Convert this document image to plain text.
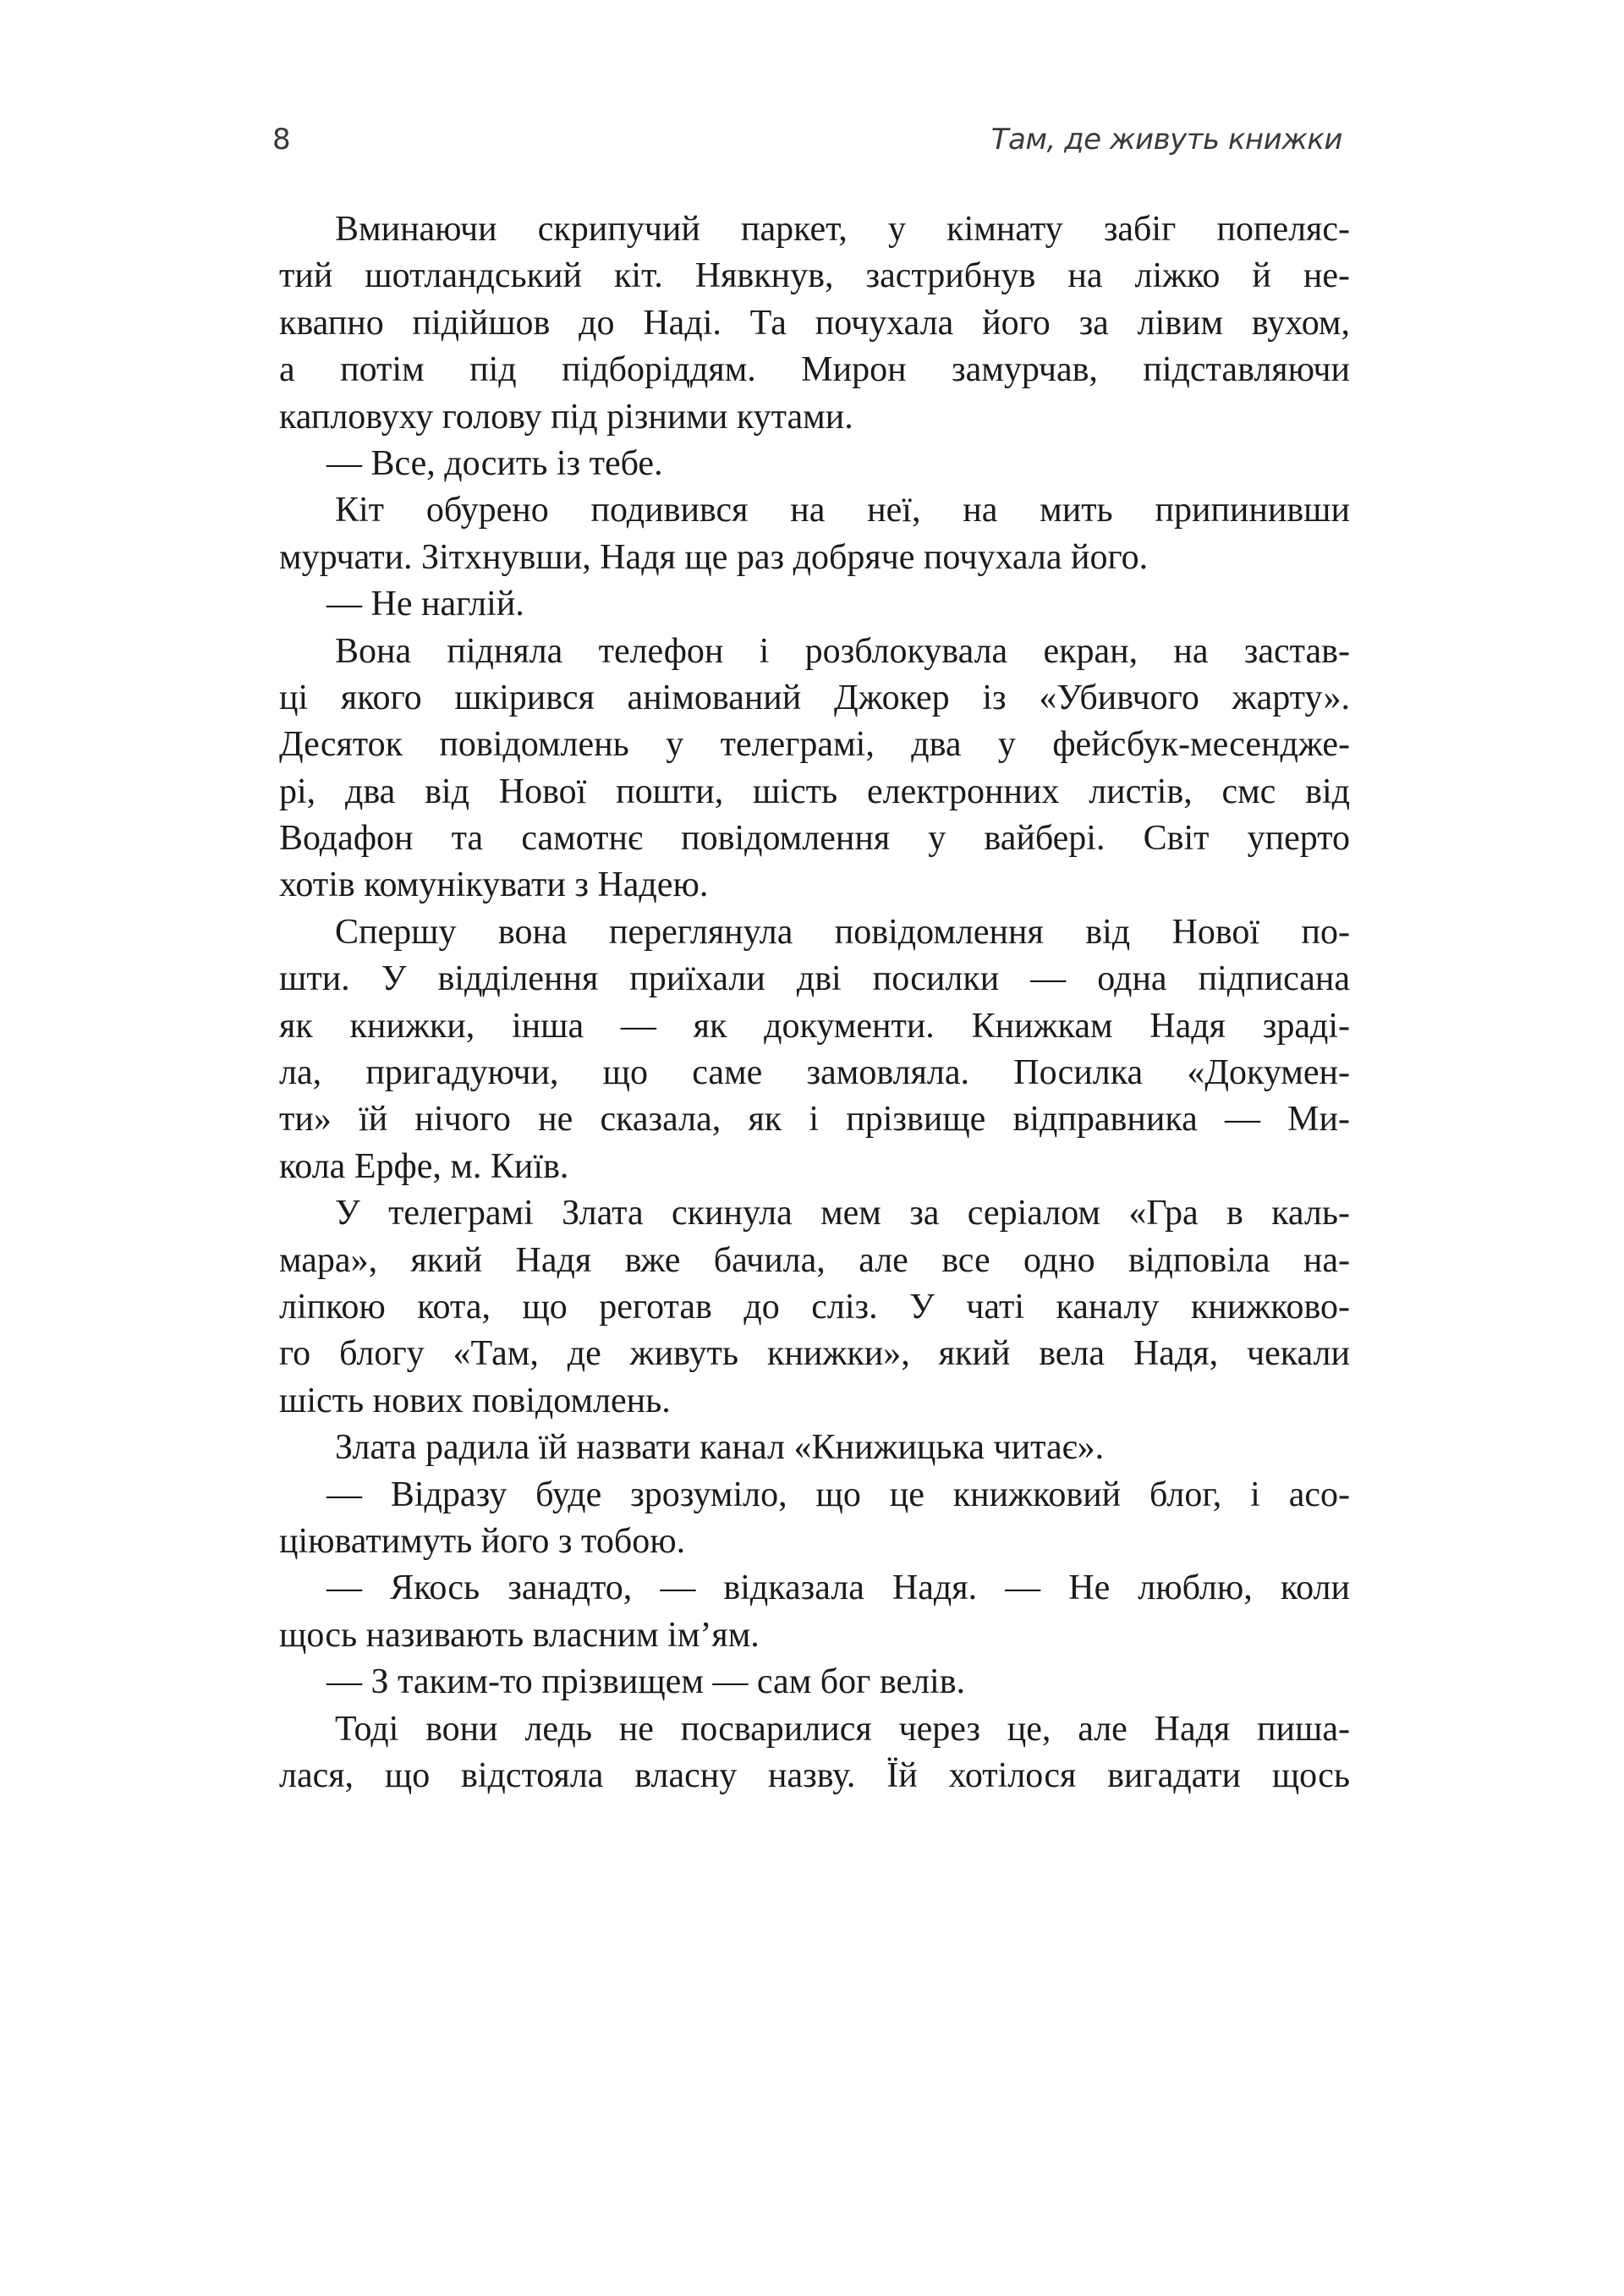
8	Там, де живуть книжки
Вминаючи скрипучий паркет, у кімнату забіг попеляс-
тий шотландський кіт. Нявкнув, застрибнув на ліжко й не-
квапно підійшов до Наді. Та почухала його за лівим вухом,
а потім під підборіддям. Мирон замурчав, підставляючи
капловуху голову під різними кутами.
— Все, досить із тебе.
Кіт обурено подивився на неї, на мить припинивши
мурчати. Зітхнувши, Надя ще раз добряче почухала його.
— Не наглій.
Вона підняла телефон і розблокувала екран, на застав-
ці якого шкірився анімований Джокер із «Убивчого жарту».
Десяток повідомлень у телеграмі, два у фейсбук-месендже-
рі, два від Нової пошти, шість електронних листів, смс від
Водафон та самотнє повідомлення у вайбері. Світ уперто
хотів комунікувати з Надею.
Спершу вона переглянула повідомлення від Нової по-
шти. У відділення приїхали дві посилки — одна підписана
як книжки, інша — як документи. Книжкам Надя зраді-
ла, пригадуючи, що саме замовляла. Посилка «Докумен-
ти» їй нічого не сказала, як і прізвище відправника — Ми-
кола Ерфе, м. Київ.
У телеграмі Злата скинула мем за серіалом «Гра в каль-
мара», який Надя вже бачила, але все одно відповіла на-
ліпкою кота, що реготав до сліз. У чаті каналу книжково-
го блогу «Там, де живуть книжки», який вела Надя, чекали
шість нових повідомлень.
Злата радила їй назвати канал «Книжицька читає».
— Відразу буде зрозуміло, що це книжковий блог, і асо-
ціюватимуть його з тобою.
— Якось занадто, — відказала Надя. — Не люблю, коли
щось називають власним ім’ям.
— З таким-то прізвищем — сам бог велів.
Тоді вони ледь не посварилися через це, але Надя пиша-
лася, що відстояла власну назву. Їй хотілося вигадати щось
